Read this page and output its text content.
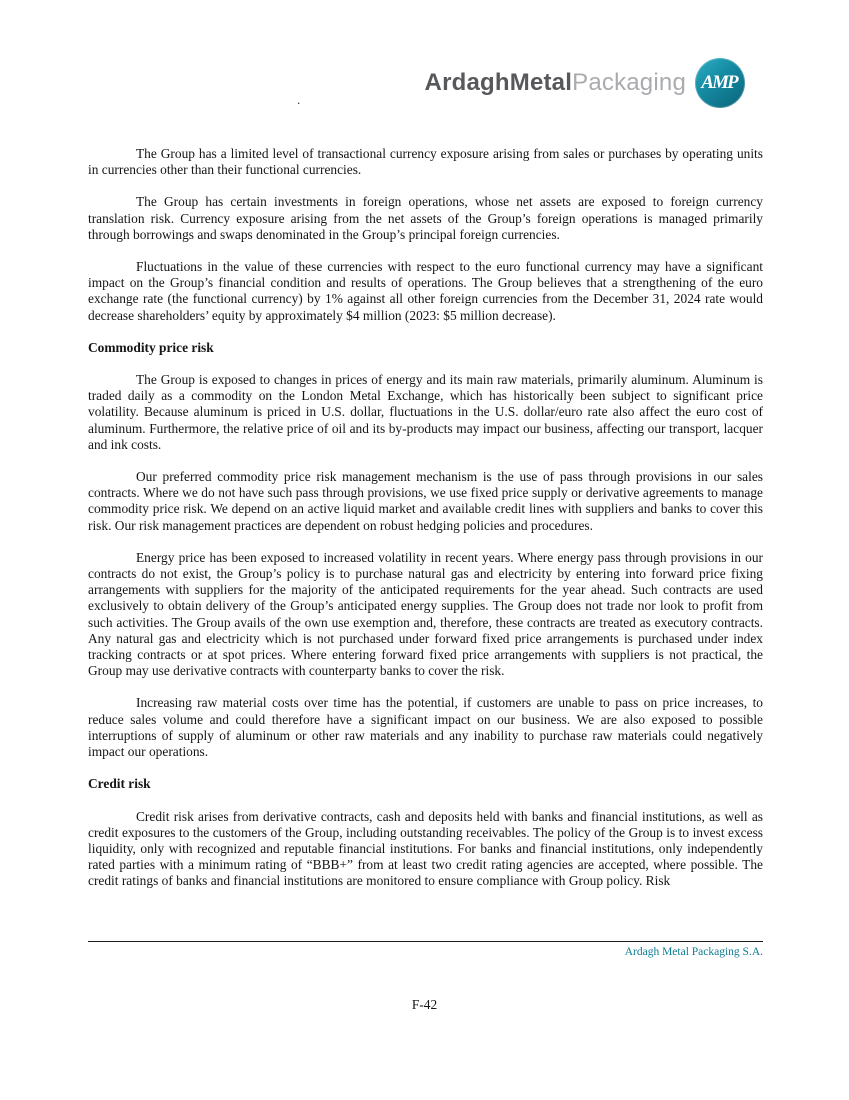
ArdaghMetalPackaging AMP
.

The Group has a limited level of transactional currency exposure arising from sales or purchases by operating units in currencies other than their functional currencies.

The Group has certain investments in foreign operations, whose net assets are exposed to foreign currency translation risk. Currency exposure arising from the net assets of the Group’s foreign operations is managed primarily through borrowings and swaps denominated in the Group’s principal foreign currencies.

Fluctuations in the value of these currencies with respect to the euro functional currency may have a significant impact on the Group’s financial condition and results of operations. The Group believes that a strengthening of the euro exchange rate (the functional currency) by 1% against all other foreign currencies from the December 31, 2024 rate would decrease shareholders’ equity by approximately $4 million (2023: $5 million decrease).

Commodity price risk

The Group is exposed to changes in prices of energy and its main raw materials, primarily aluminum. Aluminum is traded daily as a commodity on the London Metal Exchange, which has historically been subject to significant price volatility. Because aluminum is priced in U.S. dollar, fluctuations in the U.S. dollar/euro rate also affect the euro cost of aluminum. Furthermore, the relative price of oil and its by-products may impact our business, affecting our transport, lacquer and ink costs.

Our preferred commodity price risk management mechanism is the use of pass through provisions in our sales contracts. Where we do not have such pass through provisions, we use fixed price supply or derivative agreements to manage commodity price risk. We depend on an active liquid market and available credit lines with suppliers and banks to cover this risk. Our risk management practices are dependent on robust hedging policies and procedures.

Energy price has been exposed to increased volatility in recent years. Where energy pass through provisions in our contracts do not exist, the Group’s policy is to purchase natural gas and electricity by entering into forward price fixing arrangements with suppliers for the majority of the anticipated requirements for the year ahead. Such contracts are used exclusively to obtain delivery of the Group’s anticipated energy supplies. The Group does not trade nor look to profit from such activities. The Group avails of the own use exemption and, therefore, these contracts are treated as executory contracts. Any natural gas and electricity which is not purchased under forward fixed price arrangements is purchased under index tracking contracts or at spot prices. Where entering forward fixed price arrangements with suppliers is not practical, the Group may use derivative contracts with counterparty banks to cover the risk.

Increasing raw material costs over time has the potential, if customers are unable to pass on price increases, to reduce sales volume and could therefore have a significant impact on our business. We are also exposed to possible interruptions of supply of aluminum or other raw materials and any inability to purchase raw materials could negatively impact our operations.

Credit risk

Credit risk arises from derivative contracts, cash and deposits held with banks and financial institutions, as well as credit exposures to the customers of the Group, including outstanding receivables. The policy of the Group is to invest excess liquidity, only with recognized and reputable financial institutions. For banks and financial institutions, only independently rated parties with a minimum rating of “BBB+” from at least two credit rating agencies are accepted, where possible. The credit ratings of banks and financial institutions are monitored to ensure compliance with Group policy. Risk

Ardagh Metal Packaging S.A.
F-42
